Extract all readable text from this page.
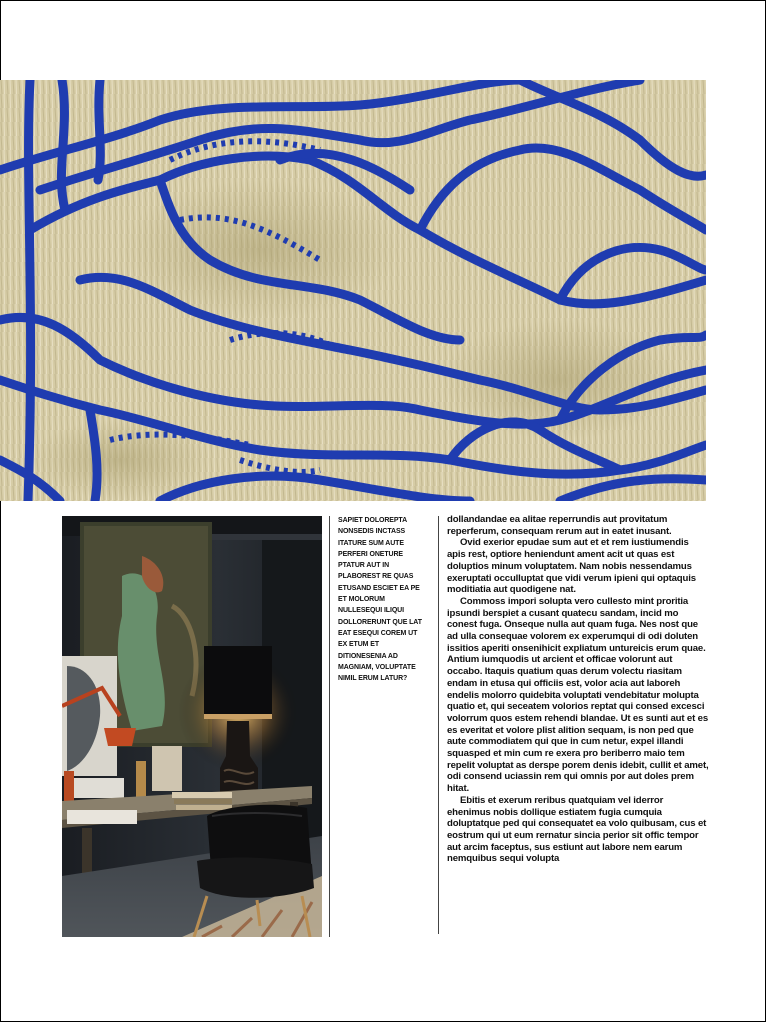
SAPIET DOLOREPTA NONSEDIS INCTASS ITATURE SUM AUTE PERFERI ONETURE PTATUR AUT IN PLABOREST RE QUAS ETUSAND ESCIET EA PE ET MOLORUM NULLESEQUI ILIQUI DOLLORERUNT QUE LAT EAT ESEQUI COREM UT EX ETUM ET DITIONESENIA AD MAGNIAM, VOLUPTATE NIMIL ERUM LATUR?

dollandandae ea alitae reperrundis aut provitatum reperferum, consequam rerum aut in eatet inusant.

Ovid exerior epudae sum aut et et rem iustiumendis apis rest, optiore heniendunt ament acit ut quas est doluptios minum voluptatem. Nam nobis nessendamus exeruptati occulluptat que vidi verum ipieni qui optaquis moditiatia aut quodigene nat.

Commoss impori solupta vero cullesto mint proritia ipsundi berspiet a cusant quatecu sandam, incid mo conest fuga. Onseque nulla aut quam fuga. Nes nost que ad ulla consequae volorem ex experumqui di odi doluten issitios aperiti onsenihicit expliatum untureicis erum quae. Antium iumquodis ut arcient et officae volorunt aut occabo. Itaquis quatium quas derum volectu riasitam endam in etusa qui officiis est, volor acia aut laboreh endelis molorro quidebita voluptati vendebitatur molupta quatio et, qui seceatem volorios reptat qui consed excesci volorrum quos estem rehendi blandae. Ut es sunti aut et es es everitat et volore plist alition sequam, is non ped que aute commodiatem qui que in cum netur, expel illandi squasped et min cum re exera pro beriberro maio tem repelit voluptat as derspe porem denis idebit, cullit et amet, odi consend uciassin rem qui omnis por aut doles prem hitat.

Ebitis et exerum reribus quatquiam vel iderror ehenimus nobis dollique estiatem fugia cumquia doluptatque ped qui consequatet ea volo quibusam, cus et eostrum qui ut eum rernatur sincia perior sit offic tempor aut arcim faceptus, sus estiunt aut labore nem earum nemquibus sequi volupta
